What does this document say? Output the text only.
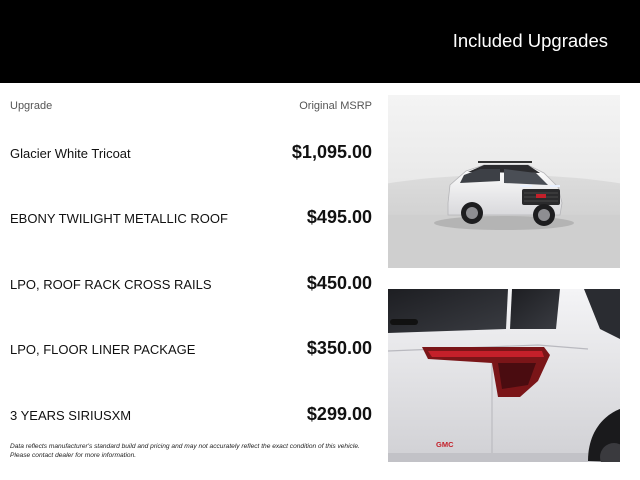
Included Upgrades
Upgrade	Original MSRP
Glacier White Tricoat	$1,095.00
EBONY TWILIGHT METALLIC ROOF	$495.00
LPO, ROOF RACK CROSS RAILS	$450.00
LPO, FLOOR LINER PACKAGE	$350.00
3 YEARS SIRIUSXM	$299.00
Data reflects manufacturer's standard build and pricing and may not accurately reflect the exact condition of this vehicle.
Please contact dealer for more information.
GMC
